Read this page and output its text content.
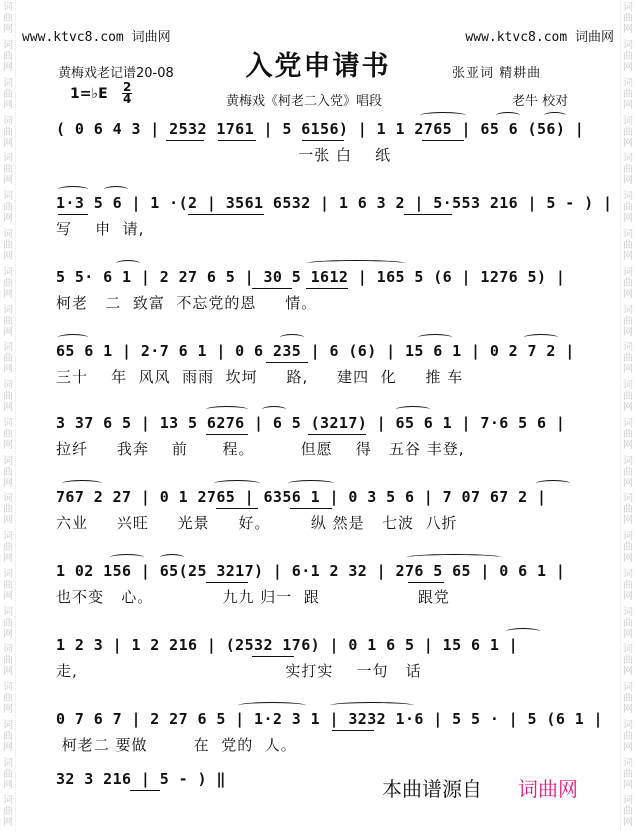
词
曲
网
词
曲
网
词
曲
网
词
曲
网
词
曲
网
词
曲
网
词
曲
网
词
曲
网
词
曲
网
词
曲
网
词
曲
网
词
曲
网
词
曲
网
词
曲
网
词
曲
网
词
曲
网
词
曲
网
词
曲
网
词
曲
网
词
曲
网
词
曲
网
词
曲
网
词
曲
网
词
曲
网
词
曲
网
词
曲
网
词
曲
网
词
曲
网
词
曲
网
词
曲
网
词
曲
网
词
曲
网
词
曲
网
词
曲
网
词
曲
网
词
曲
网
词
曲
网
词
曲
网
词
曲
网
词
曲
网
词
曲
网
词
曲
网
词
曲
网
词
曲
网
www.ktvc8.com 词曲网	www.ktvc8.com 词曲网
入党申请书
黄梅戏老记谱20-08	张亚词 精耕曲
1=♭E 2
4	黄梅戏《柯老二入党》唱段	老牛 校对
( 0 6 4 3 | 2532 1761 | 5 6156) | 1 1 2765 | 65 6 (56) |
一张 白    纸
1·3 5 6 | 1 ·(2 | 3561 6532 | 1 6 3 2 | 5·553 216 | 5 - ) |
写    申  请,
5 5· 6 1 | 2 27 6 5 | 30 5 1612 | 165 5 (6 | 1276 5) |
柯老   二  致富  不忘党的恩     情。
65 6 1 | 2·7 6 1 | 0 6 235 | 6 (6) | 15 6 1 | 0 2 7 2 |
三十    年  风风  雨雨  坎坷     路,     建四  化     推 车
3 37 6 5 | 13 5 6276 | 6 5 (3217) | 65 6 1 | 7·6 5 6 |
拉纤     我奔    前      程。        但愿    得   五谷 丰登,
767 2 27 | 0 1 2765 | 6356 1 | 0 3 5 6 | 7 07 67 2 |
六业     兴旺     光景     好。       纵 然是   七波  八折
1 02 156 | 65(25 3217) | 6·1 2 32 | 276 5 65 | 0 6 1 |
也不变   心。            九九 归一  跟                 跟党
1 2 3 | 1 2 216 | (2532 176) | 0 1 6 5 | 15 6 1 |
走,                                    实打实    一句   话
0 7 6 7 | 2 27 6 5 | 1·2 3 1 | 3232 1·6 | 5 5 · | 5 (6 1 |
柯老二 要做        在  党的  人。
32 3 216 | 5 - ) ‖	本曲谱源自 词曲网
